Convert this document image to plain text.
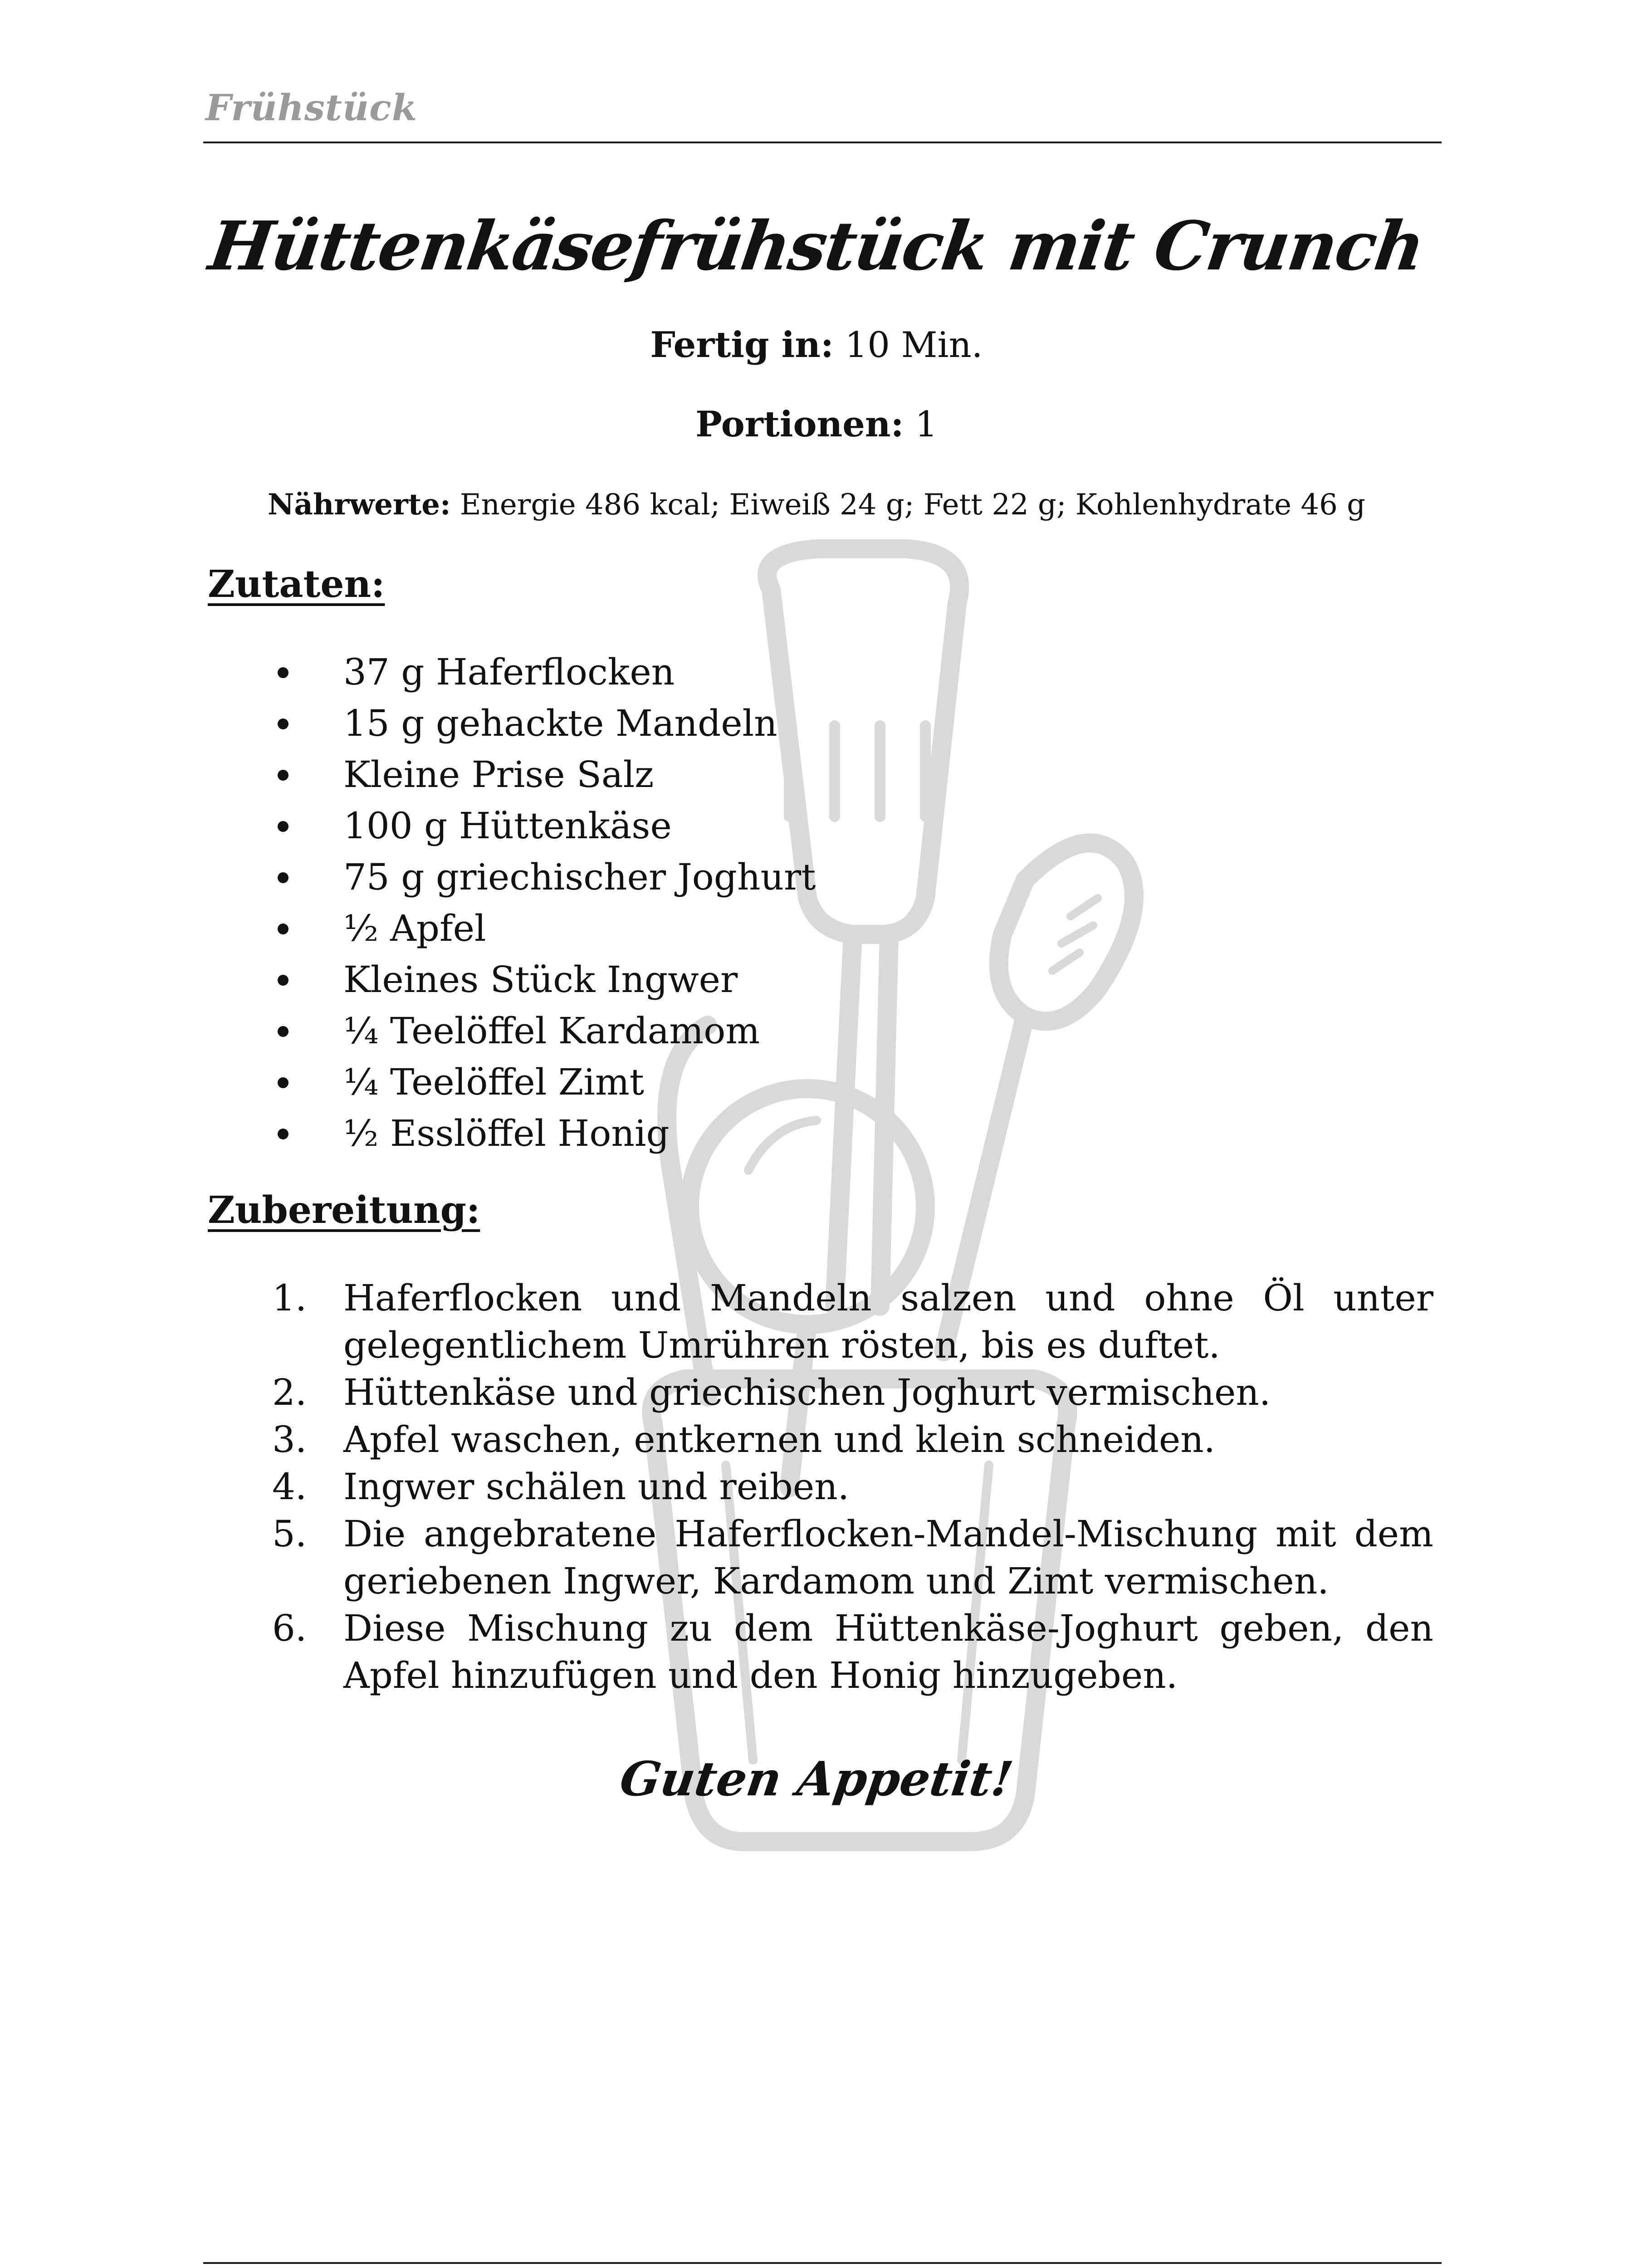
Frühstück
Hüttenkäsefrühstück mit Crunch
Fertig in: 10 Min.
Portionen: 1
Nährwerte: Energie 486 kcal; Eiweiß 24 g; Fett 22 g; Kohlenhydrate 46 g
Zutaten:
37 g Haferflocken
15 g gehackte Mandeln
Kleine Prise Salz
100 g Hüttenkäse
75 g griechischer Joghurt
½ Apfel
Kleines Stück Ingwer
¼ Teelöffel Kardamom
¼ Teelöffel Zimt
½ Esslöffel Honig
Zubereitung:
1. Haferflocken und Mandeln salzen und ohne Öl unter gelegentlichem Umrühren rösten, bis es duftet.
2. Hüttenkäse und griechischen Joghurt vermischen.
3. Apfel waschen, entkernen und klein schneiden.
4. Ingwer schälen und reiben.
5. Die angebratene Haferflocken-Mandel-Mischung mit dem geriebenen Ingwer, Kardamom und Zimt vermischen.
6. Diese Mischung zu dem Hüttenkäse-Joghurt geben, den Apfel hinzufügen und den Honig hinzugeben.
Guten Appetit!
